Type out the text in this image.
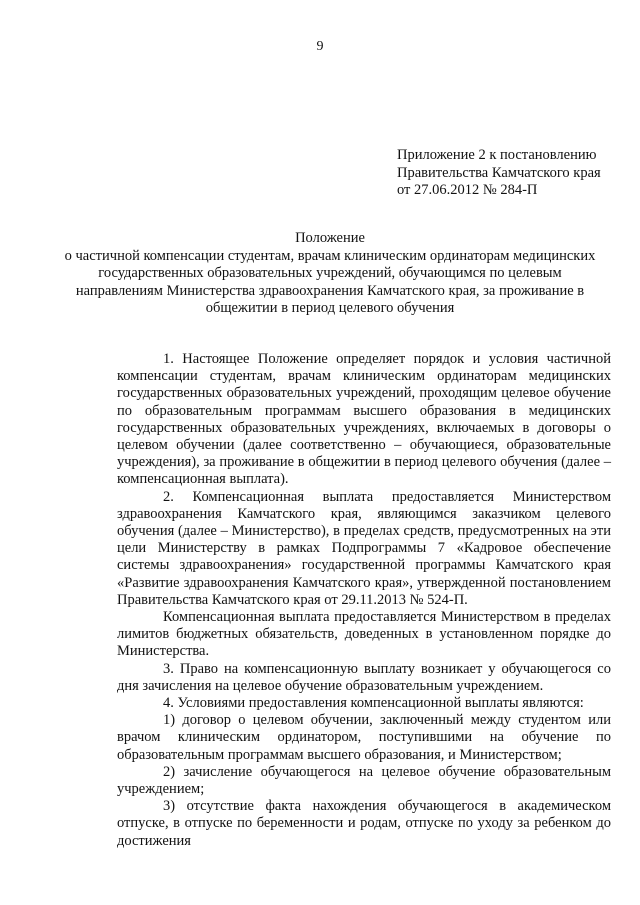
9
Приложение 2 к постановлению
Правительства Камчатского края
от 27.06.2012 № 284-П
Положение
о частичной компенсации студентам, врачам клиническим ординаторам медицинских государственных образовательных учреждений, обучающимся по целевым направлениям Министерства здравоохранения Камчатского края, за проживание в общежитии в период целевого обучения

1. Настоящее Положение определяет порядок и условия частичной компенсации студентам, врачам клиническим ординаторам медицинских государственных образовательных учреждений, проходящим целевое обучение по образовательным программам высшего образования в медицинских государственных образовательных учреждениях, включаемых в договоры о целевом обучении (далее соответственно – обучающиеся, образовательные учреждения), за проживание в общежитии в период целевого обучения (далее – компенсационная выплата).

2. Компенсационная выплата предоставляется Министерством здравоохранения Камчатского края, являющимся заказчиком целевого обучения (далее – Министерство), в пределах средств, предусмотренных на эти цели Министерству в рамках Подпрограммы 7 «Кадровое обеспечение системы здравоохранения» государственной программы Камчатского края «Развитие здравоохранения Камчатского края», утвержденной постановлением Правительства Камчатского края от 29.11.2013 № 524-П.

Компенсационная выплата предоставляется Министерством в пределах лимитов бюджетных обязательств, доведенных в установленном порядке до Министерства.

3. Право на компенсационную выплату возникает у обучающегося со дня зачисления на целевое обучение образовательным учреждением.

4. Условиями предоставления компенсационной выплаты являются:

1) договор о целевом обучении, заключенный между студентом или врачом клиническим ординатором, поступившими на обучение по образовательным программам высшего образования, и Министерством;

2) зачисление обучающегося на целевое обучение образовательным учреждением;

3) отсутствие факта нахождения обучающегося в академическом отпуске, в отпуске по беременности и родам, отпуске по уходу за ребенком до достижения
